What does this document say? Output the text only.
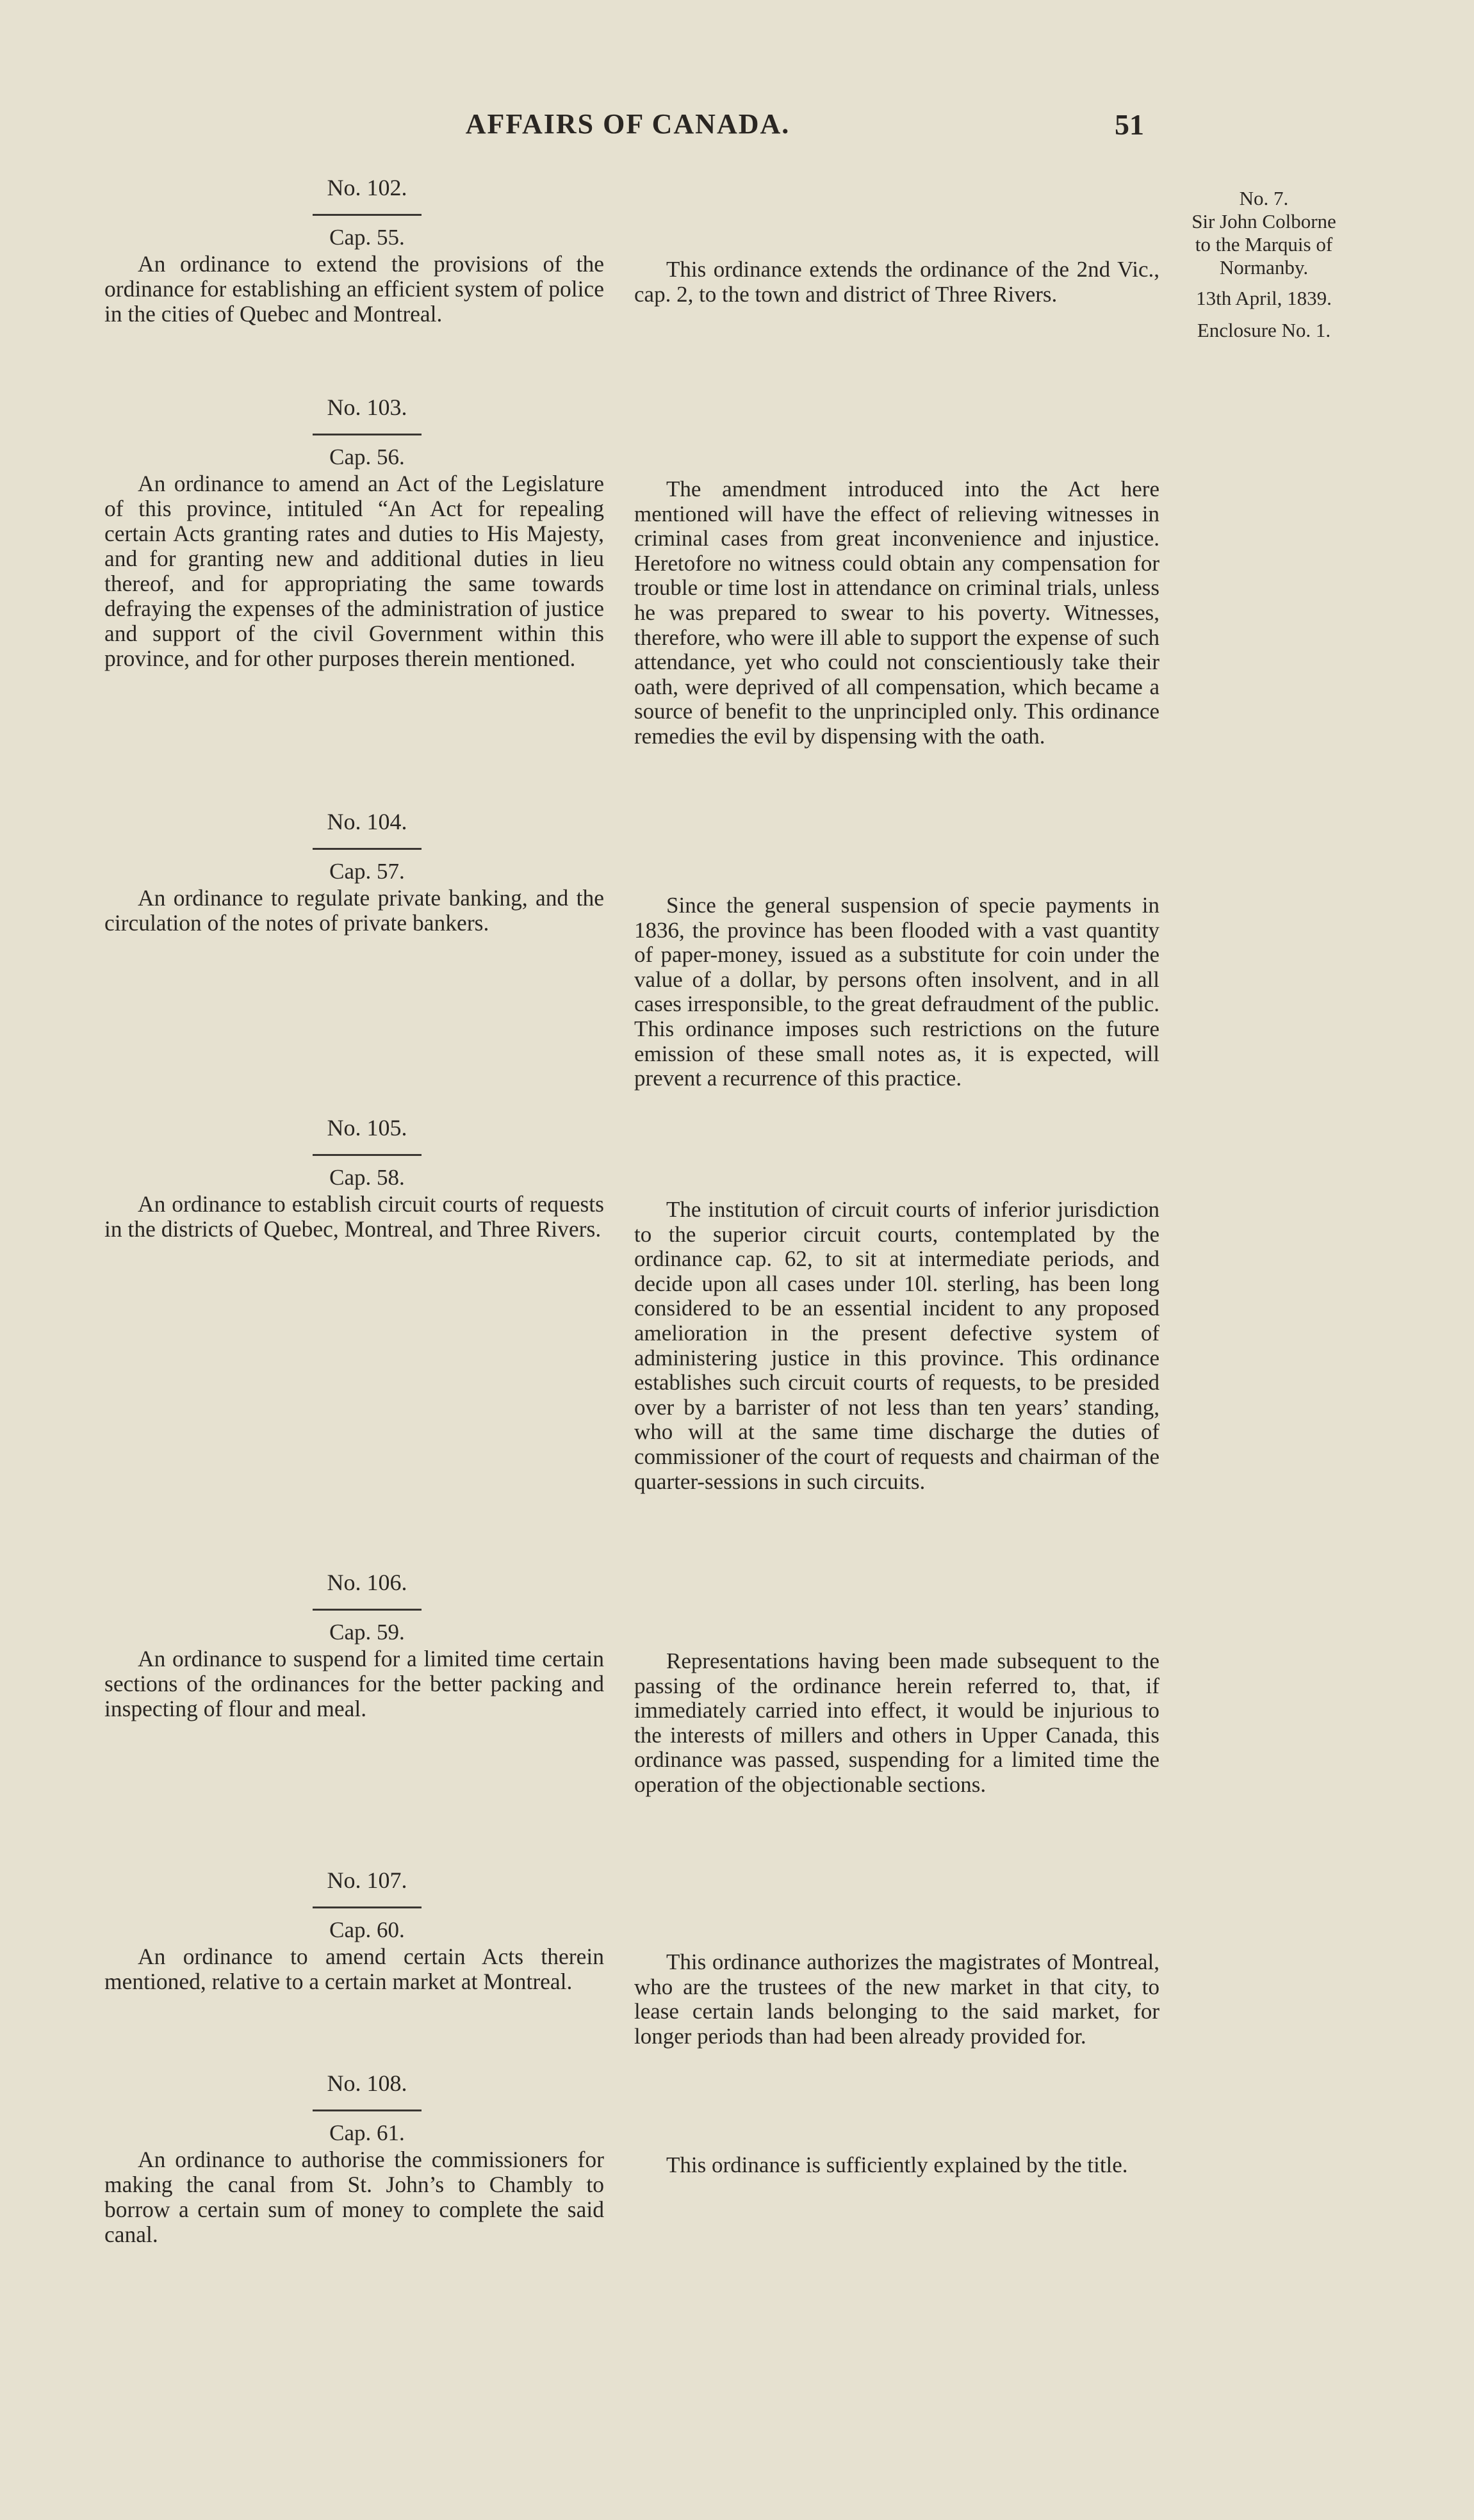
AFFAIRS OF CANADA.	51
No. 7.
Sir John Colborne
to the Marquis of
Normanby.
13th April, 1839.
Enclosure No. 1.

No. 102.

Cap. 55.

An ordinance to extend the provisions of the ordinance for establishing an efficient system of police in the cities of Quebec and Montreal.

This ordinance extends the ordinance of the 2nd Vic., cap. 2, to the town and district of Three Rivers.

No. 103.

Cap. 56.

An ordinance to amend an Act of the Legislature of this province, intituled “An Act for repealing certain Acts granting rates and duties to His Majesty, and for granting new and additional duties in lieu thereof, and for appropriating the same towards defraying the expenses of the administration of justice and support of the civil Government within this province, and for other purposes therein mentioned.

The amendment introduced into the Act here mentioned will have the effect of relieving witnesses in criminal cases from great inconvenience and injustice. Heretofore no witness could obtain any compensation for trouble or time lost in attendance on criminal trials, unless he was prepared to swear to his poverty. Witnesses, therefore, who were ill able to support the expense of such attendance, yet who could not conscientiously take their oath, were deprived of all compensation, which became a source of benefit to the unprincipled only. This ordinance remedies the evil by dispensing with the oath.

No. 104.

Cap. 57.

An ordinance to regulate private banking, and the circulation of the notes of private bankers.

Since the general suspension of specie payments in 1836, the province has been flooded with a vast quantity of paper-money, issued as a substitute for coin under the value of a dollar, by persons often insolvent, and in all cases irresponsible, to the great defraudment of the public. This ordinance imposes such restrictions on the future emission of these small notes as, it is expected, will prevent a recurrence of this practice.

No. 105.

Cap. 58.

An ordinance to establish circuit courts of requests in the districts of Quebec, Montreal, and Three Rivers.

The institution of circuit courts of inferior jurisdiction to the superior circuit courts, contemplated by the ordinance cap. 62, to sit at intermediate periods, and decide upon all cases under 10l. sterling, has been long considered to be an essential incident to any proposed amelioration in the present defective system of administering justice in this province. This ordinance establishes such circuit courts of requests, to be presided over by a barrister of not less than ten years’ standing, who will at the same time discharge the duties of commissioner of the court of requests and chairman of the quarter-sessions in such circuits.

No. 106.

Cap. 59.

An ordinance to suspend for a limited time certain sections of the ordinances for the better packing and inspecting of flour and meal.

Representations having been made subsequent to the passing of the ordinance herein referred to, that, if immediately carried into effect, it would be injurious to the interests of millers and others in Upper Canada, this ordinance was passed, suspending for a limited time the operation of the objectionable sections.

No. 107.

Cap. 60.

An ordinance to amend certain Acts therein mentioned, relative to a certain market at Montreal.

This ordinance authorizes the magistrates of Montreal, who are the trustees of the new market in that city, to lease certain lands belonging to the said market, for longer periods than had been already provided for.

No. 108.

Cap. 61.

An ordinance to authorise the commissioners for making the canal from St. John’s to Chambly to borrow a certain sum of money to complete the said canal.

This ordinance is sufficiently explained by the title.
